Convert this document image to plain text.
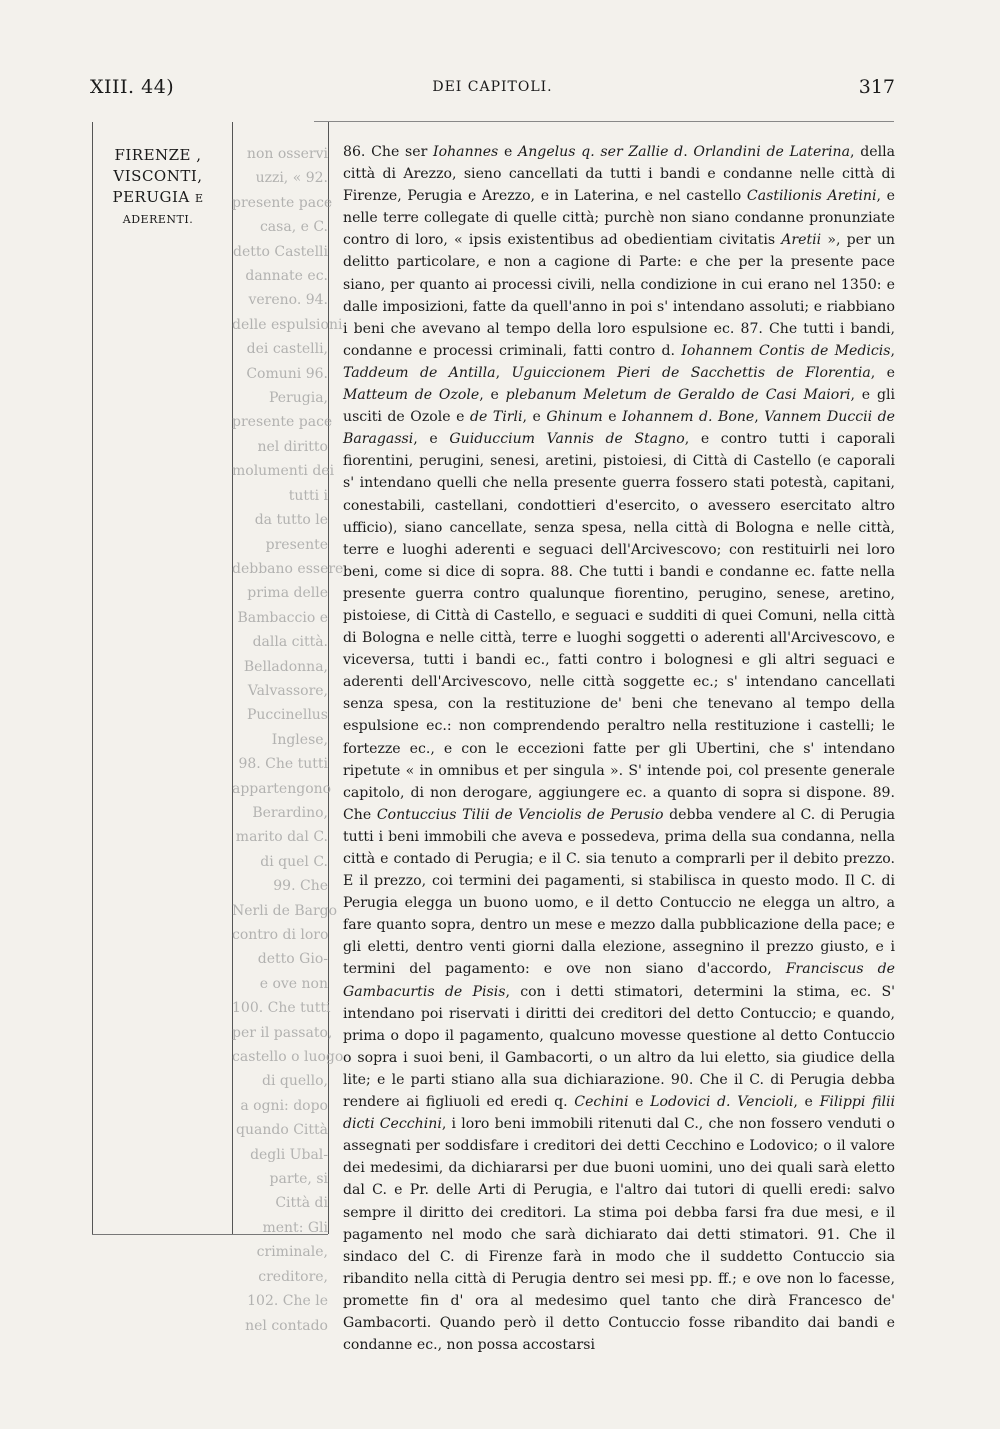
XIII. 44)	DEI CAPITOLI.	317
FIRENZE ,
VISCONTI,
PERUGIA E
ADERENTI.
non osservi
uzzi, « 92.
presente pace
casa, e C.
detto Castelli
dannate ec.
vereno. 94.
delle espulsioni
dei castelli,
Comuni 96.
Perugia,
presente pace
nel diritto
molumenti dei
tutti i
da tutto le
presente
debbano essere
prima delle
Bambaccio e
dalla città.
Belladonna,
Valvassore,
Puccinellus
Inglese,
98. Che tutti
appartengono
Berardino,
marito dal C.
di quel C.
99. Che
Nerli de Bargo
contro di loro
detto Gio-
e ove non
100. Che tutti
per il passato,
castello o luogo
di quello,
a ogni: dopo
quando Città
degli Ubal-
parte, si
Città di
ment: Gli
criminale,
creditore,
102. Che le
nel contado

86. Che ser Iohannes e Angelus q. ser Zallie d. Orlandini de Laterina, della città di Arezzo, sieno cancellati da tutti i bandi e condanne nelle città di Firenze, Perugia e Arezzo, e in Laterina, e nel castello Castilionis Aretini, e nelle terre collegate di quelle città; purchè non siano condanne pronunziate contro di loro, « ipsis existentibus ad obedientiam civitatis Aretii », per un delitto particolare, e non a cagione di Parte: e che per la presente pace siano, per quanto ai processi civili, nella condizione in cui erano nel 1350: e dalle imposizioni, fatte da quell'anno in poi s' intendano assoluti; e riabbiano i beni che avevano al tempo della loro espulsione ec. 87. Che tutti i bandi, condanne e processi criminali, fatti contro d. Iohannem Contis de Medicis, Taddeum de Antilla, Uguiccionem Pieri de Sacchettis de Florentia, e Matteum de Ozole, e plebanum Meletum de Geraldo de Casi Maiori, e gli usciti de Ozole e de Tirli, e Ghinum e Iohannem d. Bone, Vannem Duccii de Baragassi, e Guiduccium Vannis de Stagno, e contro tutti i caporali fiorentini, perugini, senesi, aretini, pistoiesi, di Città di Castello (e caporali s' intendano quelli che nella presente guerra fossero stati potestà, capitani, conestabili, castellani, condottieri d'esercito, o avessero esercitato altro ufficio), siano cancellate, senza spesa, nella città di Bologna e nelle città, terre e luoghi aderenti e seguaci dell'Arcivescovo; con restituirli nei loro beni, come si dice di sopra. 88. Che tutti i bandi e condanne ec. fatte nella presente guerra contro qualunque fiorentino, perugino, senese, aretino, pistoiese, di Città di Castello, e seguaci e sudditi di quei Comuni, nella città di Bologna e nelle città, terre e luoghi soggetti o aderenti all'Arcivescovo, e viceversa, tutti i bandi ec., fatti contro i bolognesi e gli altri seguaci e aderenti dell'Arcivescovo, nelle città soggette ec.; s' intendano cancellati senza spesa, con la restituzione de' beni che tenevano al tempo della espulsione ec.: non comprendendo peraltro nella restituzione i castelli; le fortezze ec., e con le eccezioni fatte per gli Ubertini, che s' intendano ripetute « in omnibus et per singula ». S' intende poi, col presente generale capitolo, di non derogare, aggiungere ec. a quanto di sopra si dispone. 89. Che Contuccius Tilii de Venciolis de Perusio debba vendere al C. di Perugia tutti i beni immobili che aveva e possedeva, prima della sua condanna, nella città e contado di Perugia; e il C. sia tenuto a comprarli per il debito prezzo. E il prezzo, coi termini dei pagamenti, si stabilisca in questo modo. Il C. di Perugia elegga un buono uomo, e il detto Contuccio ne elegga un altro, a fare quanto sopra, dentro un mese e mezzo dalla pubblicazione della pace; e gli eletti, dentro venti giorni dalla elezione, assegnino il prezzo giusto, e i termini del pagamento: e ove non siano d'accordo, Franciscus de Gambacurtis de Pisis, con i detti stimatori, determini la stima, ec. S' intendano poi riservati i diritti dei creditori del detto Contuccio; e quando, prima o dopo il pagamento, qualcuno movesse questione al detto Contuccio o sopra i suoi beni, il Gambacorti, o un altro da lui eletto, sia giudice della lite; e le parti stiano alla sua dichiarazione. 90. Che il C. di Perugia debba rendere ai figliuoli ed eredi q. Cechini e Lodovici d. Vencioli, e Filippi filii dicti Cecchini, i loro beni immobili ritenuti dal C., che non fossero venduti o assegnati per soddisfare i creditori dei detti Cecchino e Lodovico; o il valore dei medesimi, da dichiararsi per due buoni uomini, uno dei quali sarà eletto dal C. e Pr. delle Arti di Perugia, e l'altro dai tutori di quelli eredi: salvo sempre il diritto dei creditori. La stima poi debba farsi fra due mesi, e il pagamento nel modo che sarà dichiarato dai detti stimatori. 91. Che il sindaco del C. di Firenze farà in modo che il suddetto Contuccio sia ribandito nella città di Perugia dentro sei mesi pp. ff.; e ove non lo facesse, promette fin d' ora al medesimo quel tanto che dirà Francesco de' Gambacorti. Quando però il detto Contuccio fosse ribandito dai bandi e condanne ec., non possa accostarsi
